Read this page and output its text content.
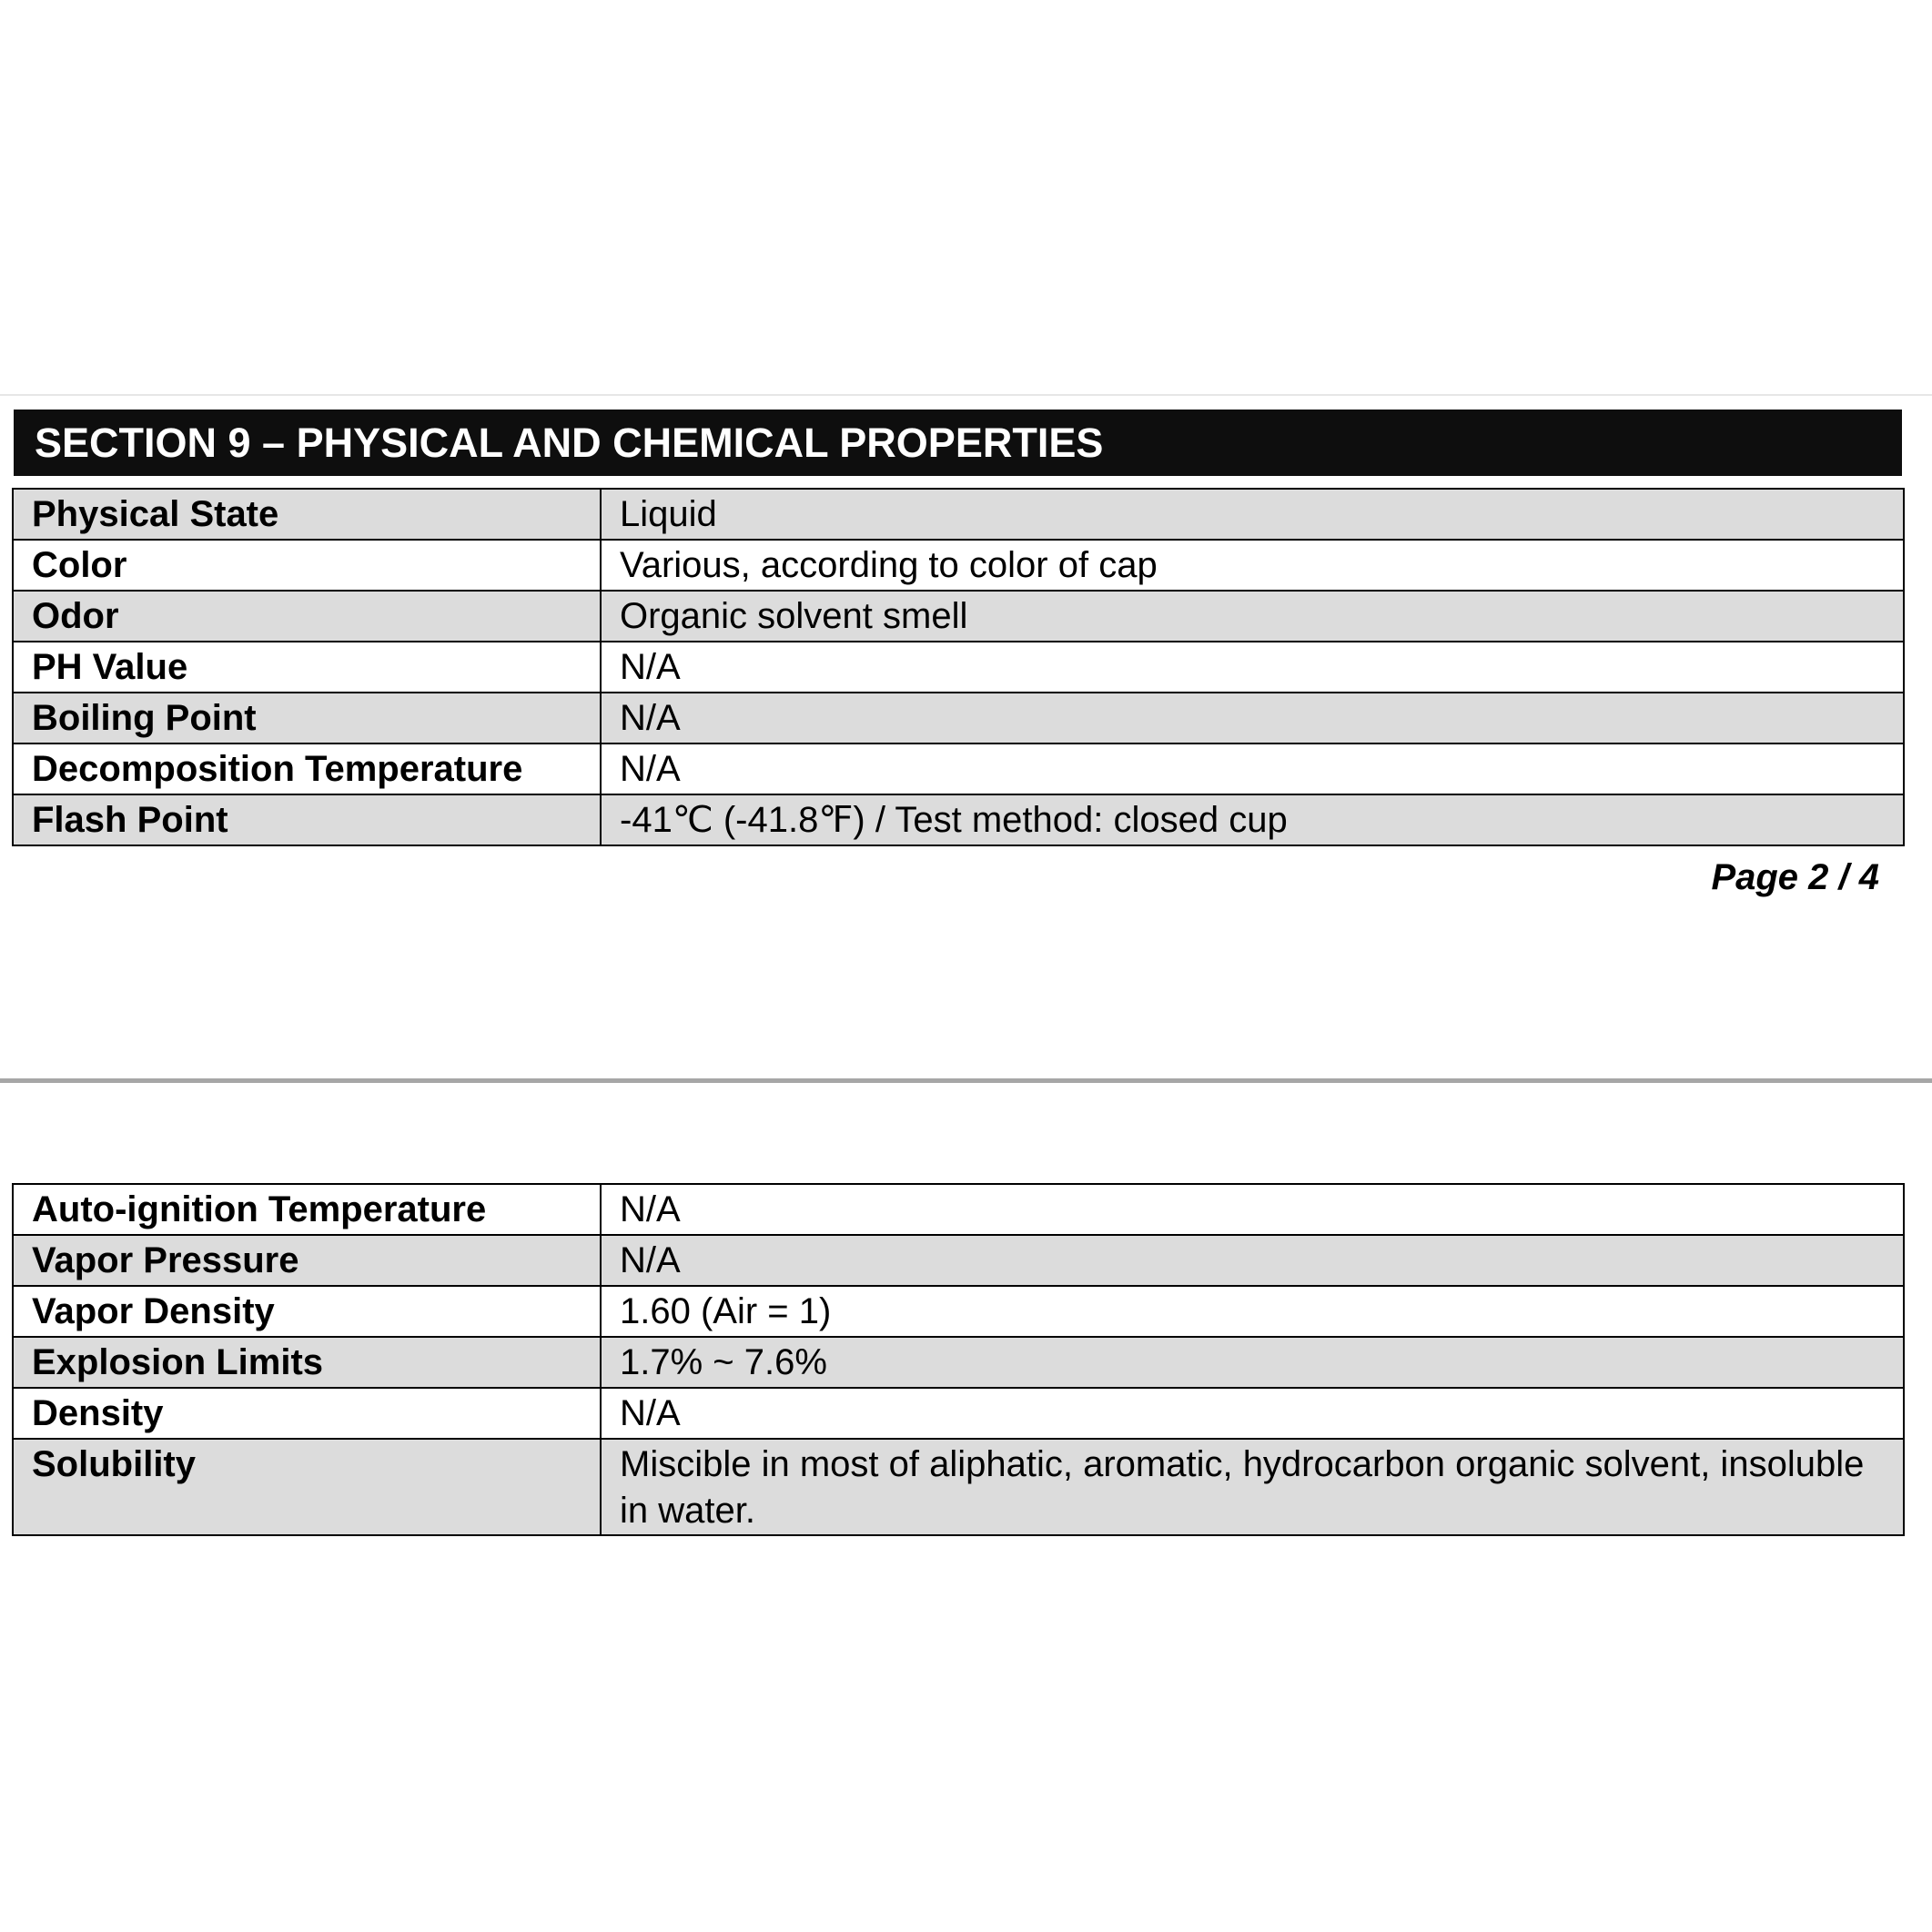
SECTION 9 – PHYSICAL AND CHEMICAL PROPERTIES
Physical State	Liquid
Color	Various, according to color of cap
Odor	Organic solvent smell
PH Value	N/A
Boiling Point	N/A
Decomposition Temperature	N/A
Flash Point	-41℃ (-41.8℉) / Test method: closed cup
Page 2 / 4
Auto-ignition Temperature	N/A
Vapor Pressure	N/A
Vapor Density	1.60 (Air = 1)
Explosion Limits	1.7% ~ 7.6%
Density	N/A
Solubility	Miscible in most of aliphatic, aromatic, hydrocarbon organic solvent, insoluble in water.
